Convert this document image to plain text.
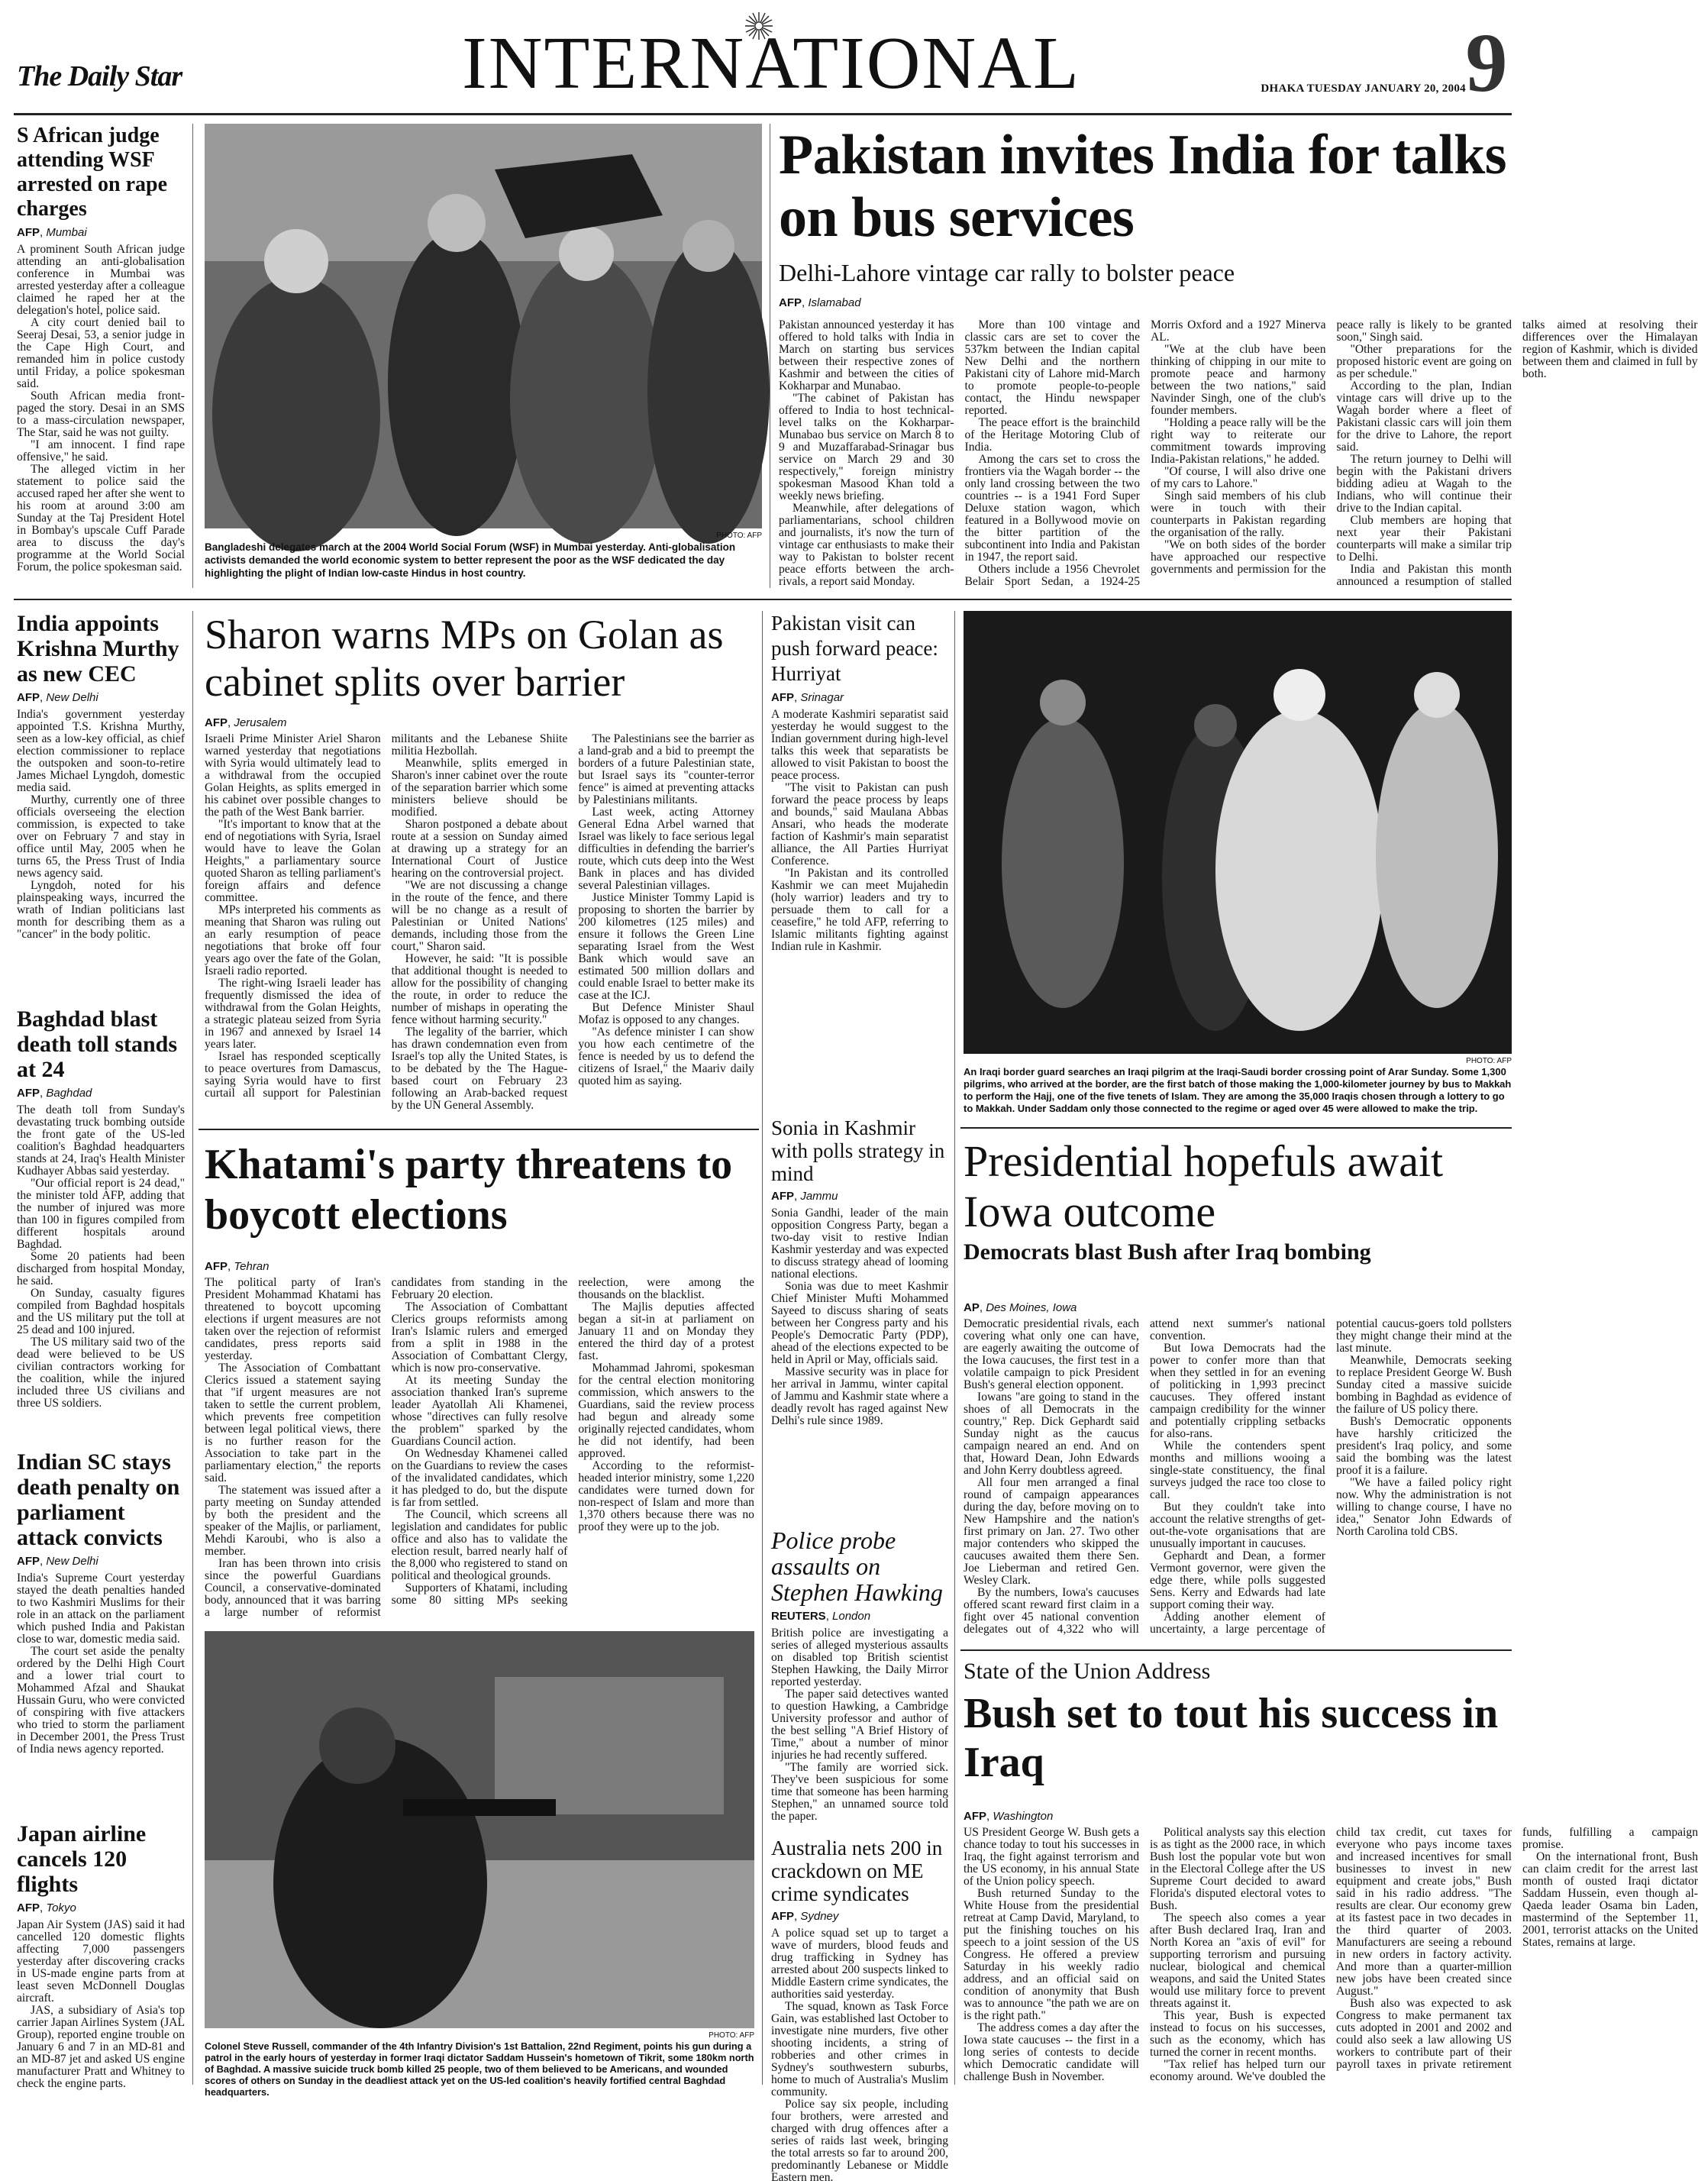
The Daily Star	INTERNATIONAL	DHAKA TUESDAY JANUARY 20, 2004 9
S African judge attending WSF arrested on rape charges
AFP, Mumbai

A prominent South African judge attending an anti-globalisation conference in Mumbai was arrested yesterday after a colleague claimed he raped her at the delegation's hotel, police said.

A city court denied bail to Seeraj Desai, 53, a senior judge in the Cape High Court, and remanded him in police custody until Friday, a police spokesman said.

South African media front-paged the story. Desai in an SMS to a mass-circulation newspaper, The Star, said he was not guilty.

"I am innocent. I find rape offensive," he said.

The alleged victim in her statement to police said the accused raped her after she went to his room at around 3:00 am Sunday at the Taj President Hotel in Bombay's upscale Cuff Parade area to discuss the day's programme at the World Social Forum, the police spokesman said.

PHOTO: AFP
Bangladeshi delegates march at the 2004 World Social Forum (WSF) in Mumbai yesterday. Anti-globalisation activists demanded the world economic system to better represent the poor as the WSF dedicated the day highlighting the plight of Indian low-caste Hindus in host country.
Pakistan invites India for talks on bus services
Delhi-Lahore vintage car rally to bolster peace
AFP, Islamabad

Pakistan announced yesterday it has offered to hold talks with India in March on starting bus services between their respective zones of Kashmir and between the cities of Kokharpar and Munabao.

"The cabinet of Pakistan has offered to India to host technical-level talks on the Kokharpar-Munabao bus service on March 8 to 9 and Muzaffarabad-Srinagar bus service on March 29 and 30 respectively," foreign ministry spokesman Masood Khan told a weekly news briefing.

Meanwhile, after delegations of parliamentarians, school children and journalists, it's now the turn of vintage car enthusiasts to make their way to Pakistan to bolster recent peace efforts between the arch-rivals, a report said Monday.

More than 100 vintage and classic cars are set to cover the 537km between the Indian capital New Delhi and the northern Pakistani city of Lahore mid-March to promote people-to-people contact, the Hindu newspaper reported.

The peace effort is the brainchild of the Heritage Motoring Club of India.

Among the cars set to cross the frontiers via the Wagah border -- the only land crossing between the two countries -- is a 1941 Ford Super Deluxe station wagon, which featured in a Bollywood movie on the bitter partition of the subcontinent into India and Pakistan in 1947, the report said.

Others include a 1956 Chevrolet Belair Sport Sedan, a 1924-25 Morris Oxford and a 1927 Minerva AL.

"We at the club have been thinking of chipping in our mite to promote peace and harmony between the two nations," said Navinder Singh, one of the club's founder members.

"Holding a peace rally will be the right way to reiterate our commitment towards improving India-Pakistan relations," he added.

"Of course, I will also drive one of my cars to Lahore."

Singh said members of his club were in touch with their counterparts in Pakistan regarding the organisation of the rally.

"We on both sides of the border have approached our respective governments and permission for the peace rally is likely to be granted soon," Singh said.

"Other preparations for the proposed historic event are going on as per schedule."

According to the plan, Indian vintage cars will drive up to the Wagah border where a fleet of Pakistani classic cars will join them for the drive to Lahore, the report said.

The return journey to Delhi will begin with the Pakistani drivers bidding adieu at Wagah to the Indians, who will continue their drive to the Indian capital.

Club members are hoping that next year their Pakistani counterparts will make a similar trip to Delhi.

India and Pakistan this month announced a resumption of stalled talks aimed at resolving their differences over the Himalayan region of Kashmir, which is divided between them and claimed in full by both.

India appoints Krishna Murthy as new CEC
AFP, New Delhi

India's government yesterday appointed T.S. Krishna Murthy, seen as a low-key official, as chief election commissioner to replace the outspoken and soon-to-retire James Michael Lyngdoh, domestic media said.

Murthy, currently one of three officials overseeing the election commission, is expected to take over on February 7 and stay in office until May, 2005 when he turns 65, the Press Trust of India news agency said.

Lyngdoh, noted for his plainspeaking ways, incurred the wrath of Indian politicians last month for describing them as a "cancer" in the body politic.

Baghdad blast death toll stands at 24
AFP, Baghdad

The death toll from Sunday's devastating truck bombing outside the front gate of the US-led coalition's Baghdad headquarters stands at 24, Iraq's Health Minister Kudhayer Abbas said yesterday.

"Our official report is 24 dead," the minister told AFP, adding that the number of injured was more than 100 in figures compiled from different hospitals around Baghdad.

Some 20 patients had been discharged from hospital Monday, he said.

On Sunday, casualty figures compiled from Baghdad hospitals and the US military put the toll at 25 dead and 100 injured.

The US military said two of the dead were believed to be US civilian contractors working for the coalition, while the injured included three US civilians and three US soldiers.

Indian SC stays death penalty on parliament attack convicts
AFP, New Delhi

India's Supreme Court yesterday stayed the death penalties handed to two Kashmiri Muslims for their role in an attack on the parliament which pushed India and Pakistan close to war, domestic media said.

The court set aside the penalty ordered by the Delhi High Court and a lower trial court to Mohammed Afzal and Shaukat Hussain Guru, who were convicted of conspiring with five attackers who tried to storm the parliament in December 2001, the Press Trust of India news agency reported.

Japan airline cancels 120 flights
AFP, Tokyo

Japan Air System (JAS) said it had cancelled 120 domestic flights affecting 7,000 passengers yesterday after discovering cracks in US-made engine parts from at least seven McDonnell Douglas aircraft.

JAS, a subsidiary of Asia's top carrier Japan Airlines System (JAL Group), reported engine trouble on January 6 and 7 in an MD-81 and an MD-87 jet and asked US engine manufacturer Pratt and Whitney to check the engine parts.

Sharon warns MPs on Golan as cabinet splits over barrier
AFP, Jerusalem

Israeli Prime Minister Ariel Sharon warned yesterday that negotiations with Syria would ultimately lead to a withdrawal from the occupied Golan Heights, as splits emerged in his cabinet over possible changes to the path of the West Bank barrier.

"It's important to know that at the end of negotiations with Syria, Israel would have to leave the Golan Heights," a parliamentary source quoted Sharon as telling parliament's foreign affairs and defence committee.

MPs interpreted his comments as meaning that Sharon was ruling out an early resumption of peace negotiations that broke off four years ago over the fate of the Golan, Israeli radio reported.

The right-wing Israeli leader has frequently dismissed the idea of withdrawal from the Golan Heights, a strategic plateau seized from Syria in 1967 and annexed by Israel 14 years later.

Israel has responded sceptically to peace overtures from Damascus, saying Syria would have to first curtail all support for Palestinian militants and the Lebanese Shiite militia Hezbollah.

Meanwhile, splits emerged in Sharon's inner cabinet over the route of the separation barrier which some ministers believe should be modified.

Sharon postponed a debate about route at a session on Sunday aimed at drawing up a strategy for an International Court of Justice hearing on the controversial project.

"We are not discussing a change in the route of the fence, and there will be no change as a result of Palestinian or United Nations' demands, including those from the court," Sharon said.

However, he said: "It is possible that additional thought is needed to allow for the possibility of changing the route, in order to reduce the number of mishaps in operating the fence without harming security."

The legality of the barrier, which has drawn condemnation even from Israel's top ally the United States, is to be debated by the The Hague-based court on February 23 following an Arab-backed request by the UN General Assembly.

The Palestinians see the barrier as a land-grab and a bid to preempt the borders of a future Palestinian state, but Israel says its "counter-terror fence" is aimed at preventing attacks by Palestinians militants.

Last week, acting Attorney General Edna Arbel warned that Israel was likely to face serious legal difficulties in defending the barrier's route, which cuts deep into the West Bank in places and has divided several Palestinian villages.

Justice Minister Tommy Lapid is proposing to shorten the barrier by 200 kilometres (125 miles) and ensure it follows the Green Line separating Israel from the West Bank which would save an estimated 500 million dollars and could enable Israel to better make its case at the ICJ.

But Defence Minister Shaul Mofaz is opposed to any changes.

"As defence minister I can show you how each centimetre of the fence is needed by us to defend the citizens of Israel," the Maariv daily quoted him as saying.

Pakistan visit can push forward peace: Hurriyat
AFP, Srinagar

A moderate Kashmiri separatist said yesterday he would suggest to the Indian government during high-level talks this week that separatists be allowed to visit Pakistan to boost the peace process.

"The visit to Pakistan can push forward the peace process by leaps and bounds," said Maulana Abbas Ansari, who heads the moderate faction of Kashmir's main separatist alliance, the All Parties Hurriyat Conference.

"In Pakistan and its controlled Kashmir we can meet Mujahedin (holy warrior) leaders and try to persuade them to call for a ceasefire," he told AFP, referring to Islamic militants fighting against Indian rule in Kashmir.

PHOTO: AFP
An Iraqi border guard searches an Iraqi pilgrim at the Iraqi-Saudi border crossing point of Arar Sunday. Some 1,300 pilgrims, who arrived at the border, are the first batch of those making the 1,000-kilometer journey by bus to Makkah to perform the Hajj, one of the five tenets of Islam. They are among the 35,000 Iraqis chosen through a lottery to go to Makkah. Under Saddam only those connected to the regime or aged over 45 were allowed to make the trip.
Sonia in Kashmir with polls strategy in mind
AFP, Jammu

Sonia Gandhi, leader of the main opposition Congress Party, began a two-day visit to restive Indian Kashmir yesterday and was expected to discuss strategy ahead of looming national elections.

Sonia was due to meet Kashmir Chief Minister Mufti Mohammed Sayeed to discuss sharing of seats between her Congress party and his People's Democratic Party (PDP), ahead of the elections expected to be held in April or May, officials said.

Massive security was in place for her arrival in Jammu, winter capital of Jammu and Kashmir state where a deadly revolt has raged against New Delhi's rule since 1989.

Police probe assaults on Stephen Hawking
REUTERS, London

British police are investigating a series of alleged mysterious assaults on disabled top British scientist Stephen Hawking, the Daily Mirror reported yesterday.

The paper said detectives wanted to question Hawking, a Cambridge University professor and author of the best selling "A Brief History of Time," about a number of minor injuries he had recently suffered.

"The family are worried sick. They've been suspicious for some time that someone has been harming Stephen," an unnamed source told the paper.

Australia nets 200 in crackdown on ME crime syndicates
AFP, Sydney

A police squad set up to target a wave of murders, blood feuds and drug trafficking in Sydney has arrested about 200 suspects linked to Middle Eastern crime syndicates, the authorities said yesterday.

The squad, known as Task Force Gain, was established last October to investigate nine murders, five other shooting incidents, a string of robberies and other crimes in Sydney's southwestern suburbs, home to much of Australia's Muslim community.

Police say six people, including four brothers, were arrested and charged with drug offences after a series of raids last week, bringing the total arrests so far to around 200, predominantly Lebanese or Middle Eastern men.

Khatami's party threatens to boycott elections
AFP, Tehran

The political party of Iran's President Mohammad Khatami has threatened to boycott upcoming elections if urgent measures are not taken over the rejection of reformist candidates, press reports said yesterday.

The Association of Combattant Clerics issued a statement saying that "if urgent measures are not taken to settle the current problem, which prevents free competition between legal political views, there is no further reason for the Association to take part in the parliamentary election," the reports said.

The statement was issued after a party meeting on Sunday attended by both the president and the speaker of the Majlis, or parliament, Mehdi Karoubi, who is also a member.

Iran has been thrown into crisis since the powerful Guardians Council, a conservative-dominated body, announced that it was barring a large number of reformist candidates from standing in the February 20 election.

The Association of Combattant Clerics groups reformists among Iran's Islamic rulers and emerged from a split in 1988 in the Association of Combattant Clergy, which is now pro-conservative.

At its meeting Sunday the association thanked Iran's supreme leader Ayatollah Ali Khamenei, whose "directives can fully resolve the problem" sparked by the Guardians Council action.

On Wednesday Khamenei called on the Guardians to review the cases of the invalidated candidates, which it has pledged to do, but the dispute is far from settled.

The Council, which screens all legislation and candidates for public office and also has to validate the election result, barred nearly half of the 8,000 who registered to stand on political and theological grounds.

Supporters of Khatami, including some 80 sitting MPs seeking reelection, were among the thousands on the blacklist.

The Majlis deputies affected began a sit-in at parliament on January 11 and on Monday they entered the third day of a protest fast.

Mohammad Jahromi, spokesman for the central election monitoring commission, which answers to the Guardians, said the review process had begun and already some originally rejected candidates, whom he did not identify, had been approved.

According to the reformist-headed interior ministry, some 1,220 candidates were turned down for non-respect of Islam and more than 1,370 others because there was no proof they were up to the job.

PHOTO: AFP
Colonel Steve Russell, commander of the 4th Infantry Division's 1st Battalion, 22nd Regiment, points his gun during a patrol in the early hours of yesterday in former Iraqi dictator Saddam Hussein's hometown of Tikrit, some 180km north of Baghdad. A massive suicide truck bomb killed 25 people, two of them believed to be Americans, and wounded scores of others on Sunday in the deadliest attack yet on the US-led coalition's heavily fortified central Baghdad headquarters.
Presidential hopefuls await Iowa outcome
Democrats blast Bush after Iraq bombing
AP, Des Moines, Iowa

Democratic presidential rivals, each covering what only one can have, are eagerly awaiting the outcome of the Iowa caucuses, the first test in a volatile campaign to pick President Bush's general election opponent.

Iowans "are going to stand in the shoes of all Democrats in the country," Rep. Dick Gephardt said Sunday night as the caucus campaign neared an end. And on that, Howard Dean, John Edwards and John Kerry doubtless agreed.

All four men arranged a final round of campaign appearances during the day, before moving on to New Hampshire and the nation's first primary on Jan. 27. Two other major contenders who skipped the caucuses awaited them there Sen. Joe Lieberman and retired Gen. Wesley Clark.

By the numbers, Iowa's caucuses offered scant reward first claim in a fight over 45 national convention delegates out of 4,322 who will attend next summer's national convention.

But Iowa Democrats had the power to confer more than that when they settled in for an evening of politicking in 1,993 precinct caucuses. They offered instant campaign credibility for the winner and potentially crippling setbacks for also-rans.

While the contenders spent months and millions wooing a single-state constituency, the final surveys judged the race too close to call.

But they couldn't take into account the relative strengths of get-out-the-vote organisations that are unusually important in caucuses.

Gephardt and Dean, a former Vermont governor, were given the edge there, while polls suggested Sens. Kerry and Edwards had late support coming their way.

Adding another element of uncertainty, a large percentage of potential caucus-goers told pollsters they might change their mind at the last minute.

Meanwhile, Democrats seeking to replace President George W. Bush Sunday cited a massive suicide bombing in Baghdad as evidence of the failure of US policy there.

Bush's Democratic opponents have harshly criticized the president's Iraq policy, and some said the bombing was the latest proof it is a failure.

"We have a failed policy right now. Why the administration is not willing to change course, I have no idea," Senator John Edwards of North Carolina told CBS.

State of the Union Address
Bush set to tout his success in Iraq
AFP, Washington

US President George W. Bush gets a chance today to tout his successes in Iraq, the fight against terrorism and the US economy, in his annual State of the Union policy speech.

Bush returned Sunday to the White House from the presidential retreat at Camp David, Maryland, to put the finishing touches on his speech to a joint session of the US Congress. He offered a preview Saturday in his weekly radio address, and an official said on condition of anonymity that Bush was to announce "the path we are on is the right path."

The address comes a day after the Iowa state caucuses -- the first in a long series of contests to decide which Democratic candidate will challenge Bush in November.

Political analysts say this election is as tight as the 2000 race, in which Bush lost the popular vote but won in the Electoral College after the US Supreme Court decided to award Florida's disputed electoral votes to Bush.

The speech also comes a year after Bush declared Iraq, Iran and North Korea an "axis of evil" for supporting terrorism and pursuing nuclear, biological and chemical weapons, and said the United States would use military force to prevent threats against it.

This year, Bush is expected instead to focus on his successes, such as the economy, which has turned the corner in recent months.

"Tax relief has helped turn our economy around. We've doubled the child tax credit, cut taxes for everyone who pays income taxes and increased incentives for small businesses to invest in new equipment and create jobs," Bush said in his radio address. "The results are clear. Our economy grew at its fastest pace in two decades in the third quarter of 2003. Manufacturers are seeing a rebound in new orders in factory activity. And more than a quarter-million new jobs have been created since August."

Bush also was expected to ask Congress to make permanent tax cuts adopted in 2001 and 2002 and could also seek a law allowing US workers to contribute part of their payroll taxes in private retirement funds, fulfilling a campaign promise.

On the international front, Bush can claim credit for the arrest last month of ousted Iraqi dictator Saddam Hussein, even though al-Qaeda leader Osama bin Laden, mastermind of the September 11, 2001, terrorist attacks on the United States, remains at large.
